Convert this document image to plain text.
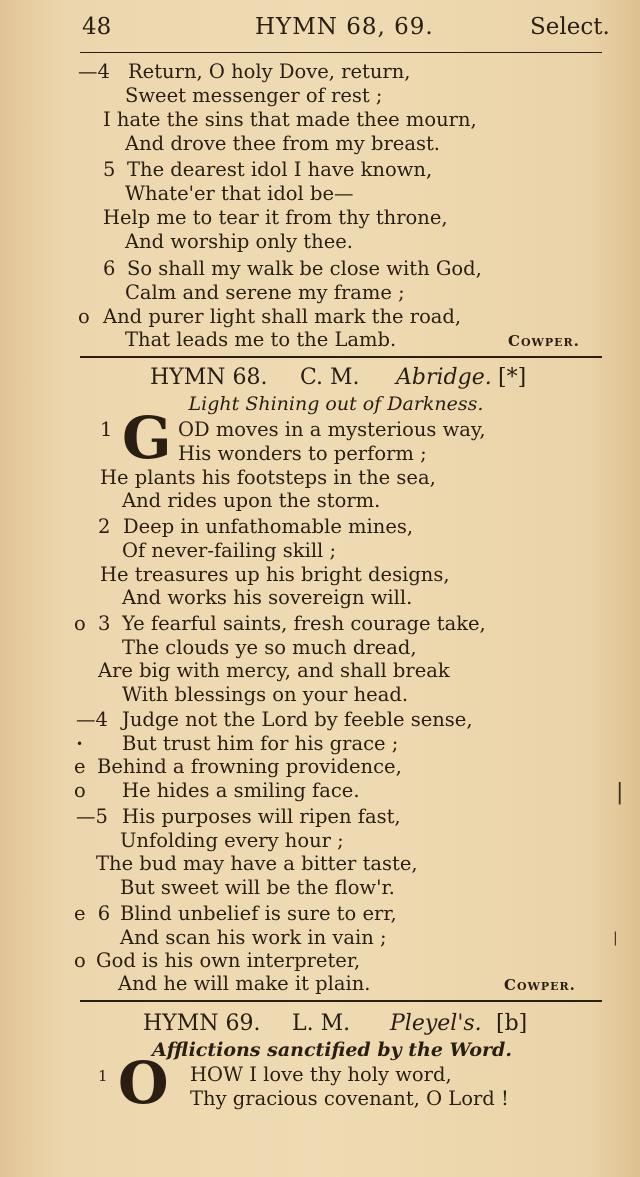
48	HYMN 68, 69.	Select.
—4 Return, O holy Dove, return,
Sweet messenger of rest ;
I hate the sins that made thee mourn,
And drove thee from my breast.
5 The dearest idol I have known,
Whate'er that idol be—
Help me to tear it from thy throne,
And worship only thee.
6 So shall my walk be close with God,
Calm and serene my frame ;
o And purer light shall mark the road,
That leads me to the Lamb.	Cowper.
HYMN 68. C. M. Abridge. [*]
Light Shining out of Darkness.
1 G OD moves in a mysterious way,
His wonders to perform ;
He plants his footsteps in the sea,
And rides upon the storm.
2 Deep in unfathomable mines,
Of never-failing skill ;
He treasures up his bright designs,
And works his sovereign will.
o 3 Ye fearful saints, fresh courage take,
The clouds ye so much dread,
Are big with mercy, and shall break
With blessings on your head.
—4 Judge not the Lord by feeble sense,
•	But trust him for his grace ;
e Behind a frowning providence,
o	He hides a smiling face.
—5 His purposes will ripen fast,
Unfolding every hour ;
The bud may have a bitter taste,
But sweet will be the flow'r.
e 6 Blind unbelief is sure to err,
And scan his work in vain ;
o God is his own interpreter,
And he will make it plain.	Cowper.
HYMN 69. L. M. Pleyel's. [b]
Afflictions sanctified by the Word.
1 O HOW I love thy holy word,
Thy gracious covenant, O Lord !
|
|
